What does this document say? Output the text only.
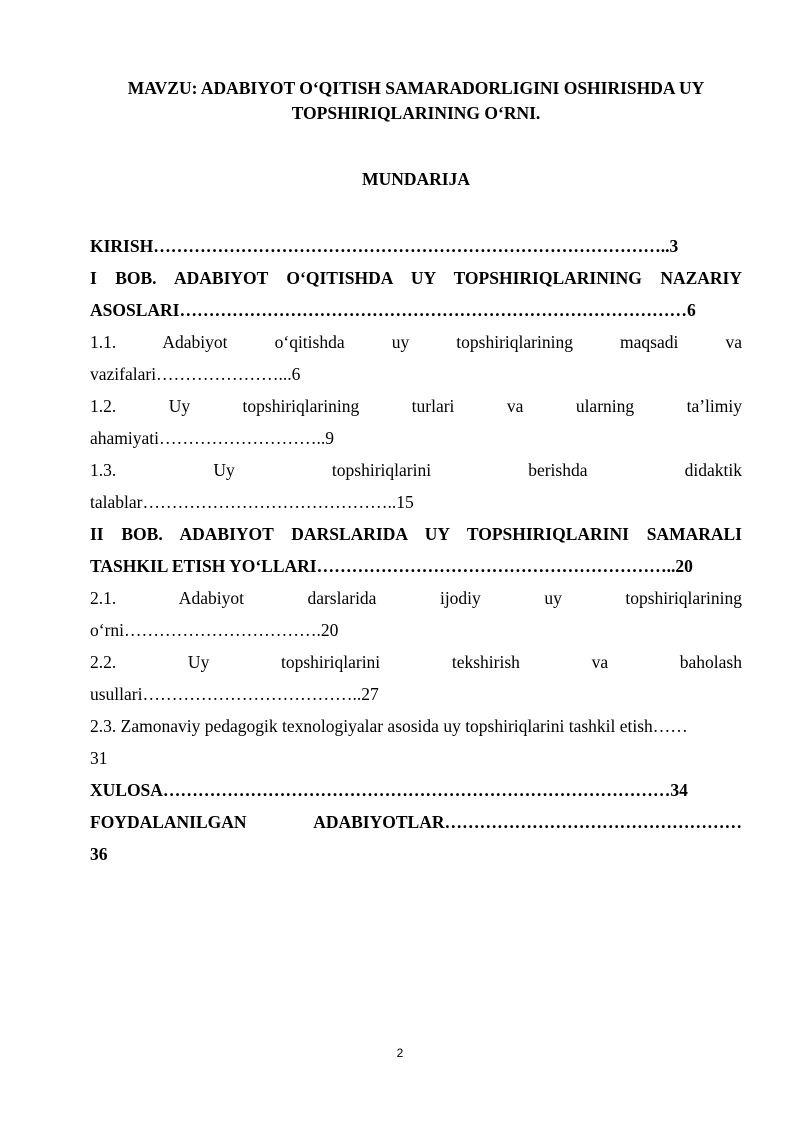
MAVZU: ADABIYOT O‘QITISH SAMARADORLIGINI OSHIRISHDA UY
TOPSHIRIQLARINING O‘RNI.
MUNDARIJA
KIRISH……………………………………………………………………………..3
I BOB. ADABIYOT O‘QITISHDA UY TOPSHIRIQLARINING NAZARIY
ASOSLARI……………………………………………………………………………6
1.1. Adabiyot o‘qitishda uy topshiriqlarining maqsadi va
vazifalari…………………...6
1.2. Uy topshiriqlarining turlari va ularning ta’limiy
ahamiyati………………………..9
1.3. Uy topshiriqlarini berishda didaktik
talablar……………………………………..15
II BOB. ADABIYOT DARSLARIDA UY TOPSHIRIQLARINI SAMARALI
TASHKIL ETISH YO‘LLARI……………………………………………………..20
2.1. Adabiyot darslarida ijodiy uy topshiriqlarining
o‘rni…………………………….20
2.2. Uy topshiriqlarini tekshirish va baholash
usullari………………………………..27
2.3. Zamonaviy pedagogik texnologiyalar asosida uy topshiriqlarini tashkil etish……
31
XULOSA……………………………………………………………………………34
FOYDALANILGAN ADABIYOTLAR……………………………………………
36
2
